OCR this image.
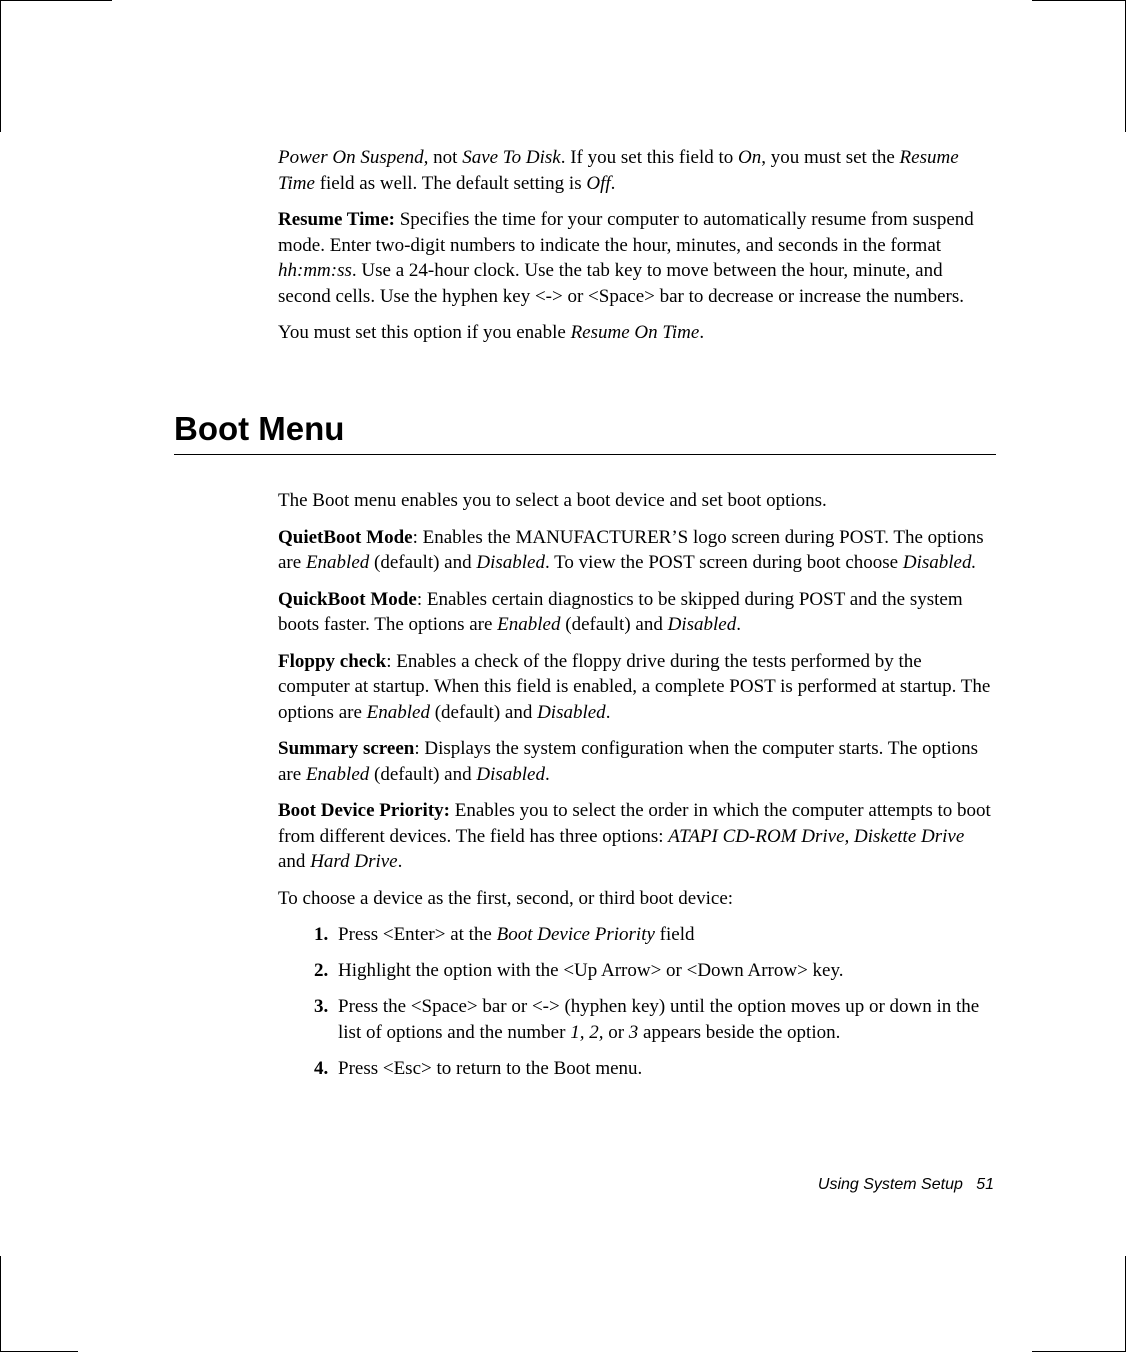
Power On Suspend, not Save To Disk. If you set this field to On, you must set the Resume Time field as well. The default setting is Off.

Resume Time: Specifies the time for your computer to automatically resume from suspend mode. Enter two-digit numbers to indicate the hour, minutes, and seconds in the format hh:mm:ss. Use a 24-hour clock. Use the tab key to move between the hour, minute, and second cells. Use the hyphen key <-> or <Space> bar to decrease or increase the numbers.

You must set this option if you enable Resume On Time.

Boot Menu

The Boot menu enables you to select a boot device and set boot options.

QuietBoot Mode: Enables the MANUFACTURER’S logo screen during POST. The options are Enabled (default) and Disabled. To view the POST screen during boot choose Disabled.

QuickBoot Mode: Enables certain diagnostics to be skipped during POST and the system boots faster. The options are Enabled (default) and Disabled.

Floppy check: Enables a check of the floppy drive during the tests performed by the computer at startup. When this field is enabled, a complete POST is performed at startup. The options are Enabled (default) and Disabled.

Summary screen: Displays the system configuration when the computer starts. The options are Enabled (default) and Disabled.

Boot Device Priority: Enables you to select the order in which the computer attempts to boot from different devices. The field has three options: ATAPI CD-ROM Drive, Diskette Drive and Hard Drive.

To choose a device as the first, second, or third boot device:

1. Press <Enter> at the Boot Device Priority field
2. Highlight the option with the <Up Arrow> or <Down Arrow> key.
3. Press the <Space> bar or <-> (hyphen key) until the option moves up or down in the list of options and the number 1, 2, or 3 appears beside the option.
4. Press <Esc> to return to the Boot menu.
Using System Setup 51
